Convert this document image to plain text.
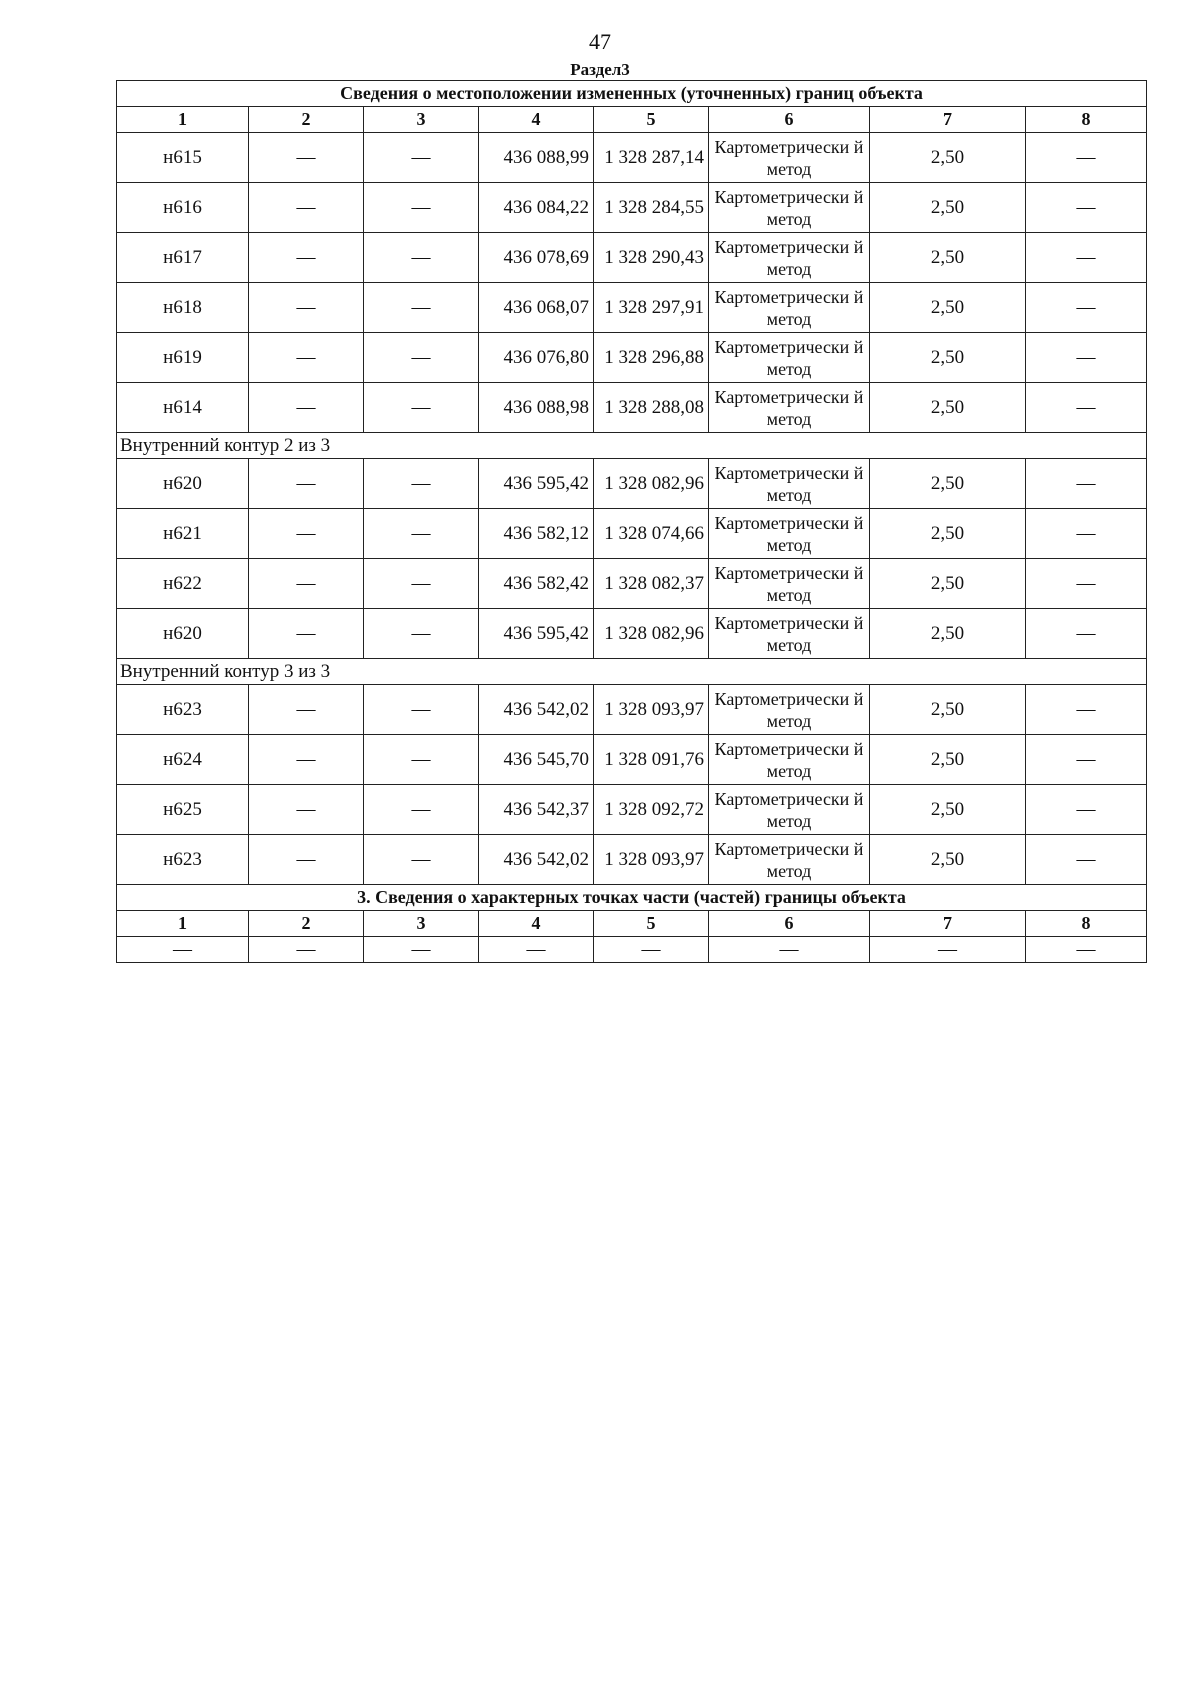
47
Раздел3
Сведения о местоположении измененных (уточненных) границ объекта							
1	2	3	4	5	6	7	8
н615	—	—	436 088,99	1 328 287,14	Картометрически й метод	2,50	—
н616	—	—	436 084,22	1 328 284,55	Картометрически й метод	2,50	—
н617	—	—	436 078,69	1 328 290,43	Картометрически й метод	2,50	—
н618	—	—	436 068,07	1 328 297,91	Картометрически й метод	2,50	—
н619	—	—	436 076,80	1 328 296,88	Картометрически й метод	2,50	—
н614	—	—	436 088,98	1 328 288,08	Картометрически й метод	2,50	—
Внутренний контур 2 из 3							
н620	—	—	436 595,42	1 328 082,96	Картометрически й метод	2,50	—
н621	—	—	436 582,12	1 328 074,66	Картометрически й метод	2,50	—
н622	—	—	436 582,42	1 328 082,37	Картометрически й метод	2,50	—
н620	—	—	436 595,42	1 328 082,96	Картометрически й метод	2,50	—
Внутренний контур 3 из 3							
н623	—	—	436 542,02	1 328 093,97	Картометрически й метод	2,50	—
н624	—	—	436 545,70	1 328 091,76	Картометрически й метод	2,50	—
н625	—	—	436 542,37	1 328 092,72	Картометрически й метод	2,50	—
н623	—	—	436 542,02	1 328 093,97	Картометрически й метод	2,50	—
3. Сведения о характерных точках части (частей) границы объекта							
1	2	3	4	5	6	7	8
—	—	—	—	—	—	—	—
